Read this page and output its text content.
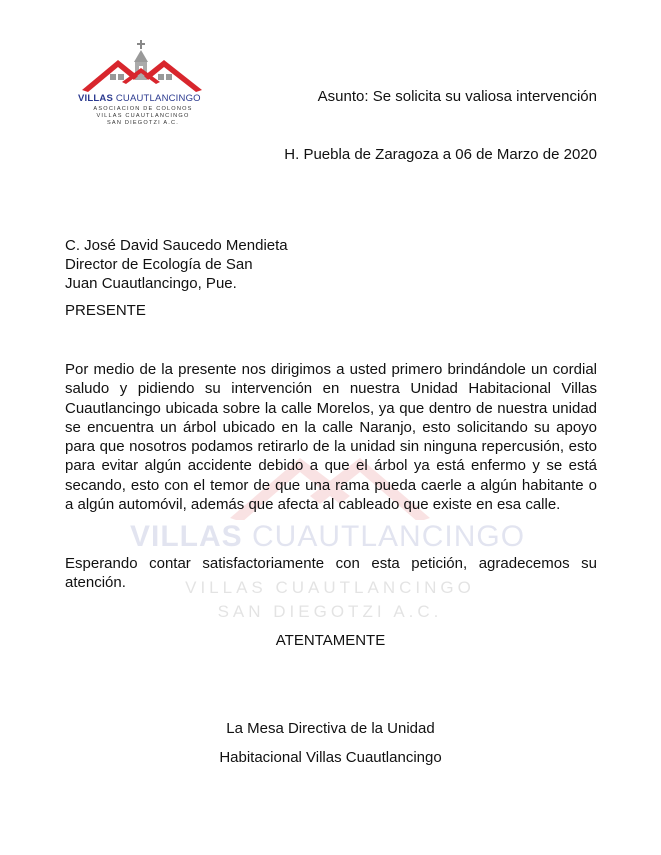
VILLAS CUAUTLANCINGO
ASOCIACION DE COLONOS
VILLAS CUAUTLANCINGO
SAN DIEGOTZI A.C.
VILLAS CUAUTLANCINGO
VILLAS CUAUTLANCINGO
SAN DIEGOTZI A.C.
Asunto: Se solicita su valiosa intervención
H. Puebla de Zaragoza a 06 de Marzo de 2020
C. José David Saucedo Mendieta
Director de Ecología de San
Juan Cuautlancingo, Pue.
PRESENTE

Por medio de la presente nos dirigimos a usted primero brindándole un cordial saludo y pidiendo su intervención en nuestra Unidad Habitacional Villas Cuautlancingo ubicada sobre la calle Morelos, ya que dentro de nuestra unidad se encuentra un árbol ubicado en la calle Naranjo, esto solicitando su apoyo para que nosotros podamos retirarlo de la unidad sin ninguna repercusión, esto para evitar algún accidente debido a que el árbol ya está enfermo y se está secando, esto con el temor de que una rama pueda caerle a algún habitante o a algún automóvil, además que afecta al cableado que existe en esa calle.

Esperando contar satisfactoriamente con esta petición, agradecemos su atención.

ATENTAMENTE
La Mesa Directiva de la Unidad
Habitacional Villas Cuautlancingo
